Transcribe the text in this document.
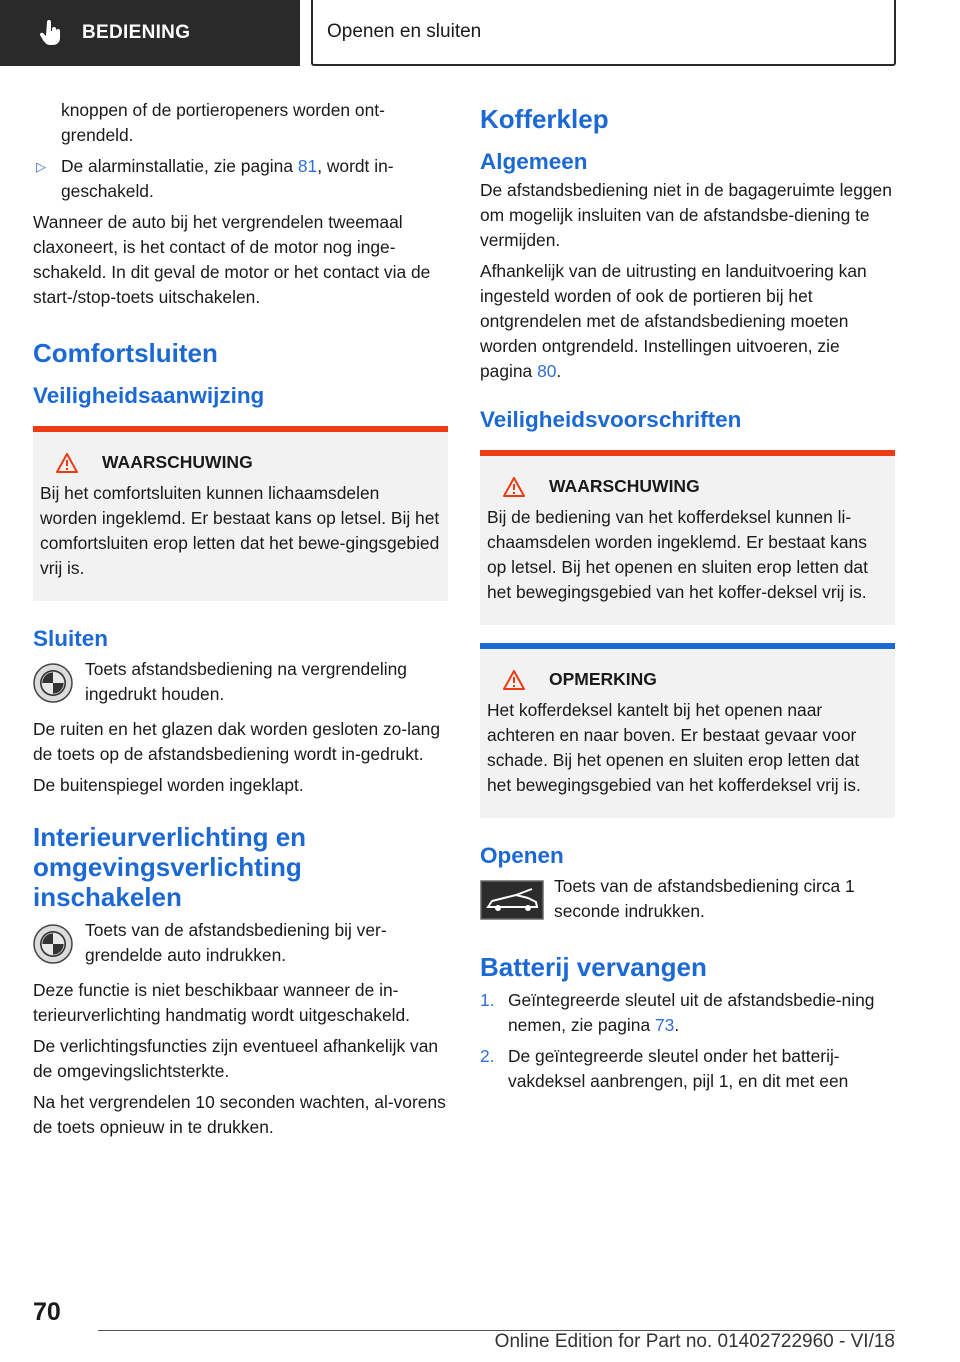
BEDIENING	Openen en sluiten

knoppen of de portieropeners worden ont-grendeld.

▷ De alarminstallatie, zie pagina 81, wordt in-geschakeld.

Wanneer de auto bij het vergrendelen tweemaal claxoneert, is het contact of de motor nog inge-schakeld. In dit geval de motor or het contact via de start-/stop-toets uitschakelen.

Comfortsluiten
Veiligheidsaanwijzing
WAARSCHUWING

Bij het comfortsluiten kunnen lichaamsdelen worden ingeklemd. Er bestaat kans op letsel. Bij het comfortsluiten erop letten dat het bewe-gingsgebied vrij is.

Sluiten
Toets afstandsbediening na vergrendeling ingedrukt houden.

De ruiten en het glazen dak worden gesloten zo-lang de toets op de afstandsbediening wordt in-gedrukt.

De buitenspiegel worden ingeklapt.

Interieurverlichting en omgevingsverlichting inschakelen
Toets van de afstandsbediening bij ver-grendelde auto indrukken.

Deze functie is niet beschikbaar wanneer de in-terieurverlichting handmatig wordt uitgeschakeld.

De verlichtingsfuncties zijn eventueel afhankelijk van de omgevingslichtsterkte.

Na het vergrendelen 10 seconden wachten, al-vorens de toets opnieuw in te drukken.

Kofferklep
Algemeen

De afstandsbediening niet in de bagageruimte leggen om mogelijk insluiten van de afstandsbe-diening te vermijden.

Afhankelijk van de uitrusting en landuitvoering kan ingesteld worden of ook de portieren bij het ontgrendelen met de afstandsbediening moeten worden ontgrendeld. Instellingen uitvoeren, zie pagina 80.

Veiligheidsvoorschriften
WAARSCHUWING

Bij de bediening van het kofferdeksel kunnen li-chaamsdelen worden ingeklemd. Er bestaat kans op letsel. Bij het openen en sluiten erop letten dat het bewegingsgebied van het koffer-deksel vrij is.

OPMERKING

Het kofferdeksel kantelt bij het openen naar achteren en naar boven. Er bestaat gevaar voor schade. Bij het openen en sluiten erop letten dat het bewegingsgebied van het kofferdeksel vrij is.

Openen
Toets van de afstandsbediening circa 1 seconde indrukken.
Batterij vervangen
1. Geïntegreerde sleutel uit de afstandsbedie-ning nemen, zie pagina 73.
2. De geïntegreerde sleutel onder het batterij-vakdeksel aanbrengen, pijl 1, en dit met een
70
Online Edition for Part no. 01402722960 - VI/18
